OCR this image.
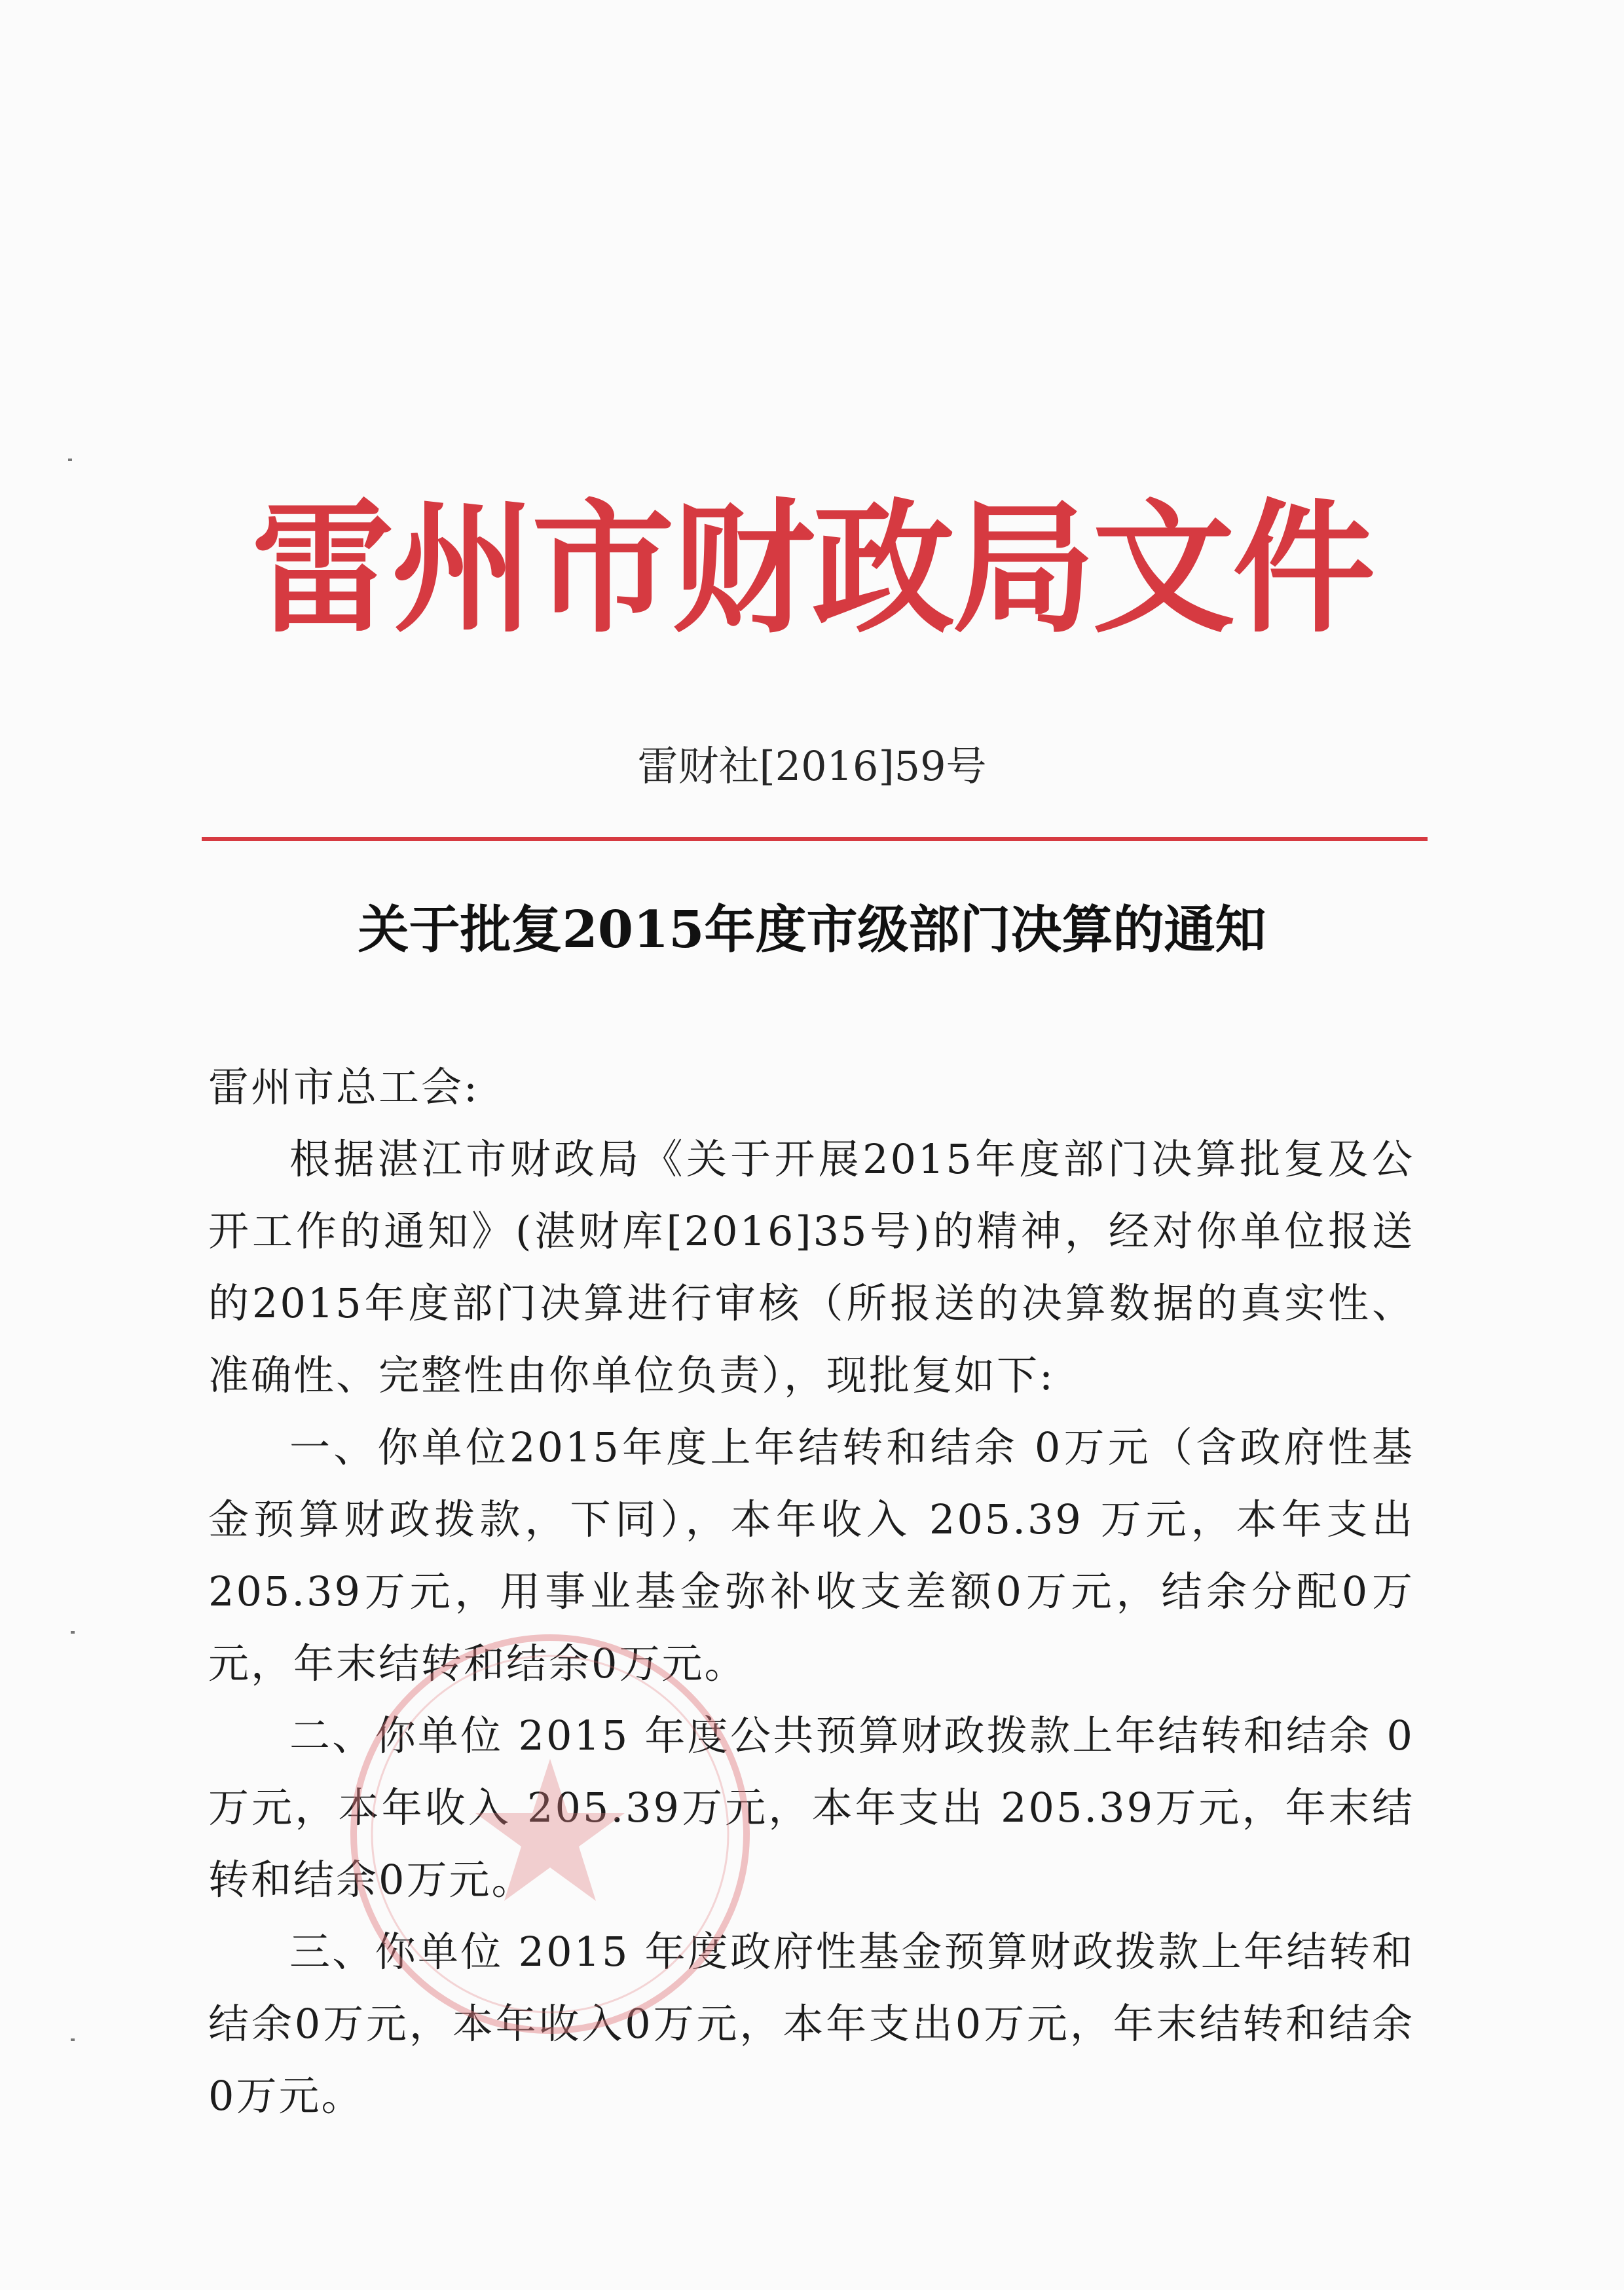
雷州市财政局文件
雷财社[2016]59号
关于批复2015年度市级部门决算的通知

雷州市总工会:

根据湛江市财政局《关于开展2015年度部门决算批复及公开工作的通知》(湛财库[2016]35号)的精神，经对你单位报送的2015年度部门决算进行审核（所报送的决算数据的真实性、准确性、完整性由你单位负责），现批复如下:

一、你单位2015年度上年结转和结余 0万元（含政府性基金预算财政拨款，下同），本年收入 205.39 万元，本年支出205.39万元，用事业基金弥补收支差额0万元，结余分配0万元，年末结转和结余0万元。

二、你单位 2015 年度公共预算财政拨款上年结转和结余 0万元，本年收入 205.39万元，本年支出 205.39万元，年末结转和结余0万元。

三、你单位 2015 年度政府性基金预算财政拨款上年结转和结余0万元，本年收入0万元，本年支出0万元，年末结转和结余0万元。
